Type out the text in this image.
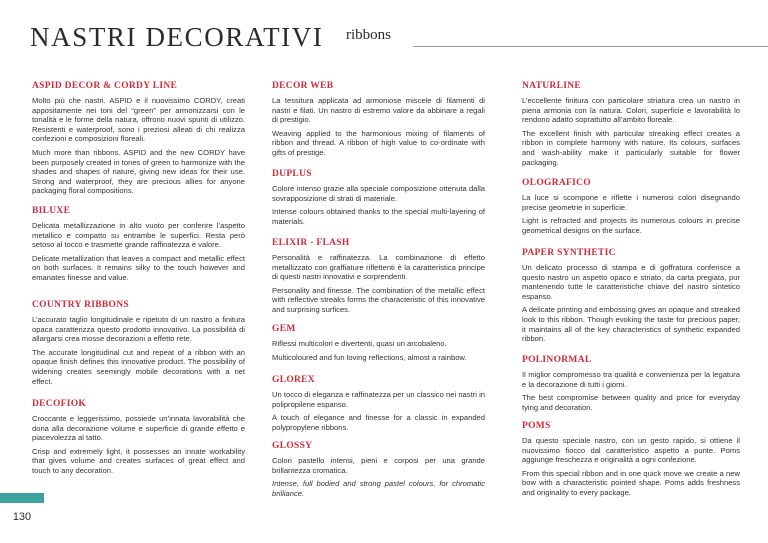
NASTRI DECORATIVI ribbons
ASPID DECOR & CORDY LINE

Molto più che nastri. ASPID e il nuovissimo CORDY, creati appositamente nei toni del “green” per armonizzarsi con le tonalità e le forme della natura, offrono nuovi spunti di utilizzo. Resistenti e waterproof, sono i preziosi alleati di chi realizza confezioni e composizioni floreali.

Much more than ribbons. ASPID and the new CORDY have been purposely created in tones of green to harmonize with the shades and shapes of nature, giving new ideas for their use. Strong and waterproof, they are precious allies for anyone packaging floral compositions.

BILUXE

Delicata metallizzazione in alto vuoto per conferire l’aspetto metallico e compatto su entrambe le superfici. Resta però setoso al tocco e trasmette grande raffinatezza e valore.

Delicate metallization that leaves a compact and metallic effect on both surfaces. It remains silky to the touch however and emanates finesse and value.

COUNTRY RIBBONS

L’accurato taglio longitudinale e ripetuto di un nastro a finitura opaca caratterizza questo prodotto innovativo. La possibilità di allargarsi crea mosse decorazioni a effetto rete.

The accurate longitudinal cut and repeat of a ribbon with an opaque finish defines this innovative product. The possibility of widening creates seemingly mobile decorations with a net effect.

DECOFIOK

Croccante e leggerissimo, possiede un’innata lavorabilità che dona alla decorazione volume e superficie di grande effetto e piacevolezza al tatto.

Crisp and extremely light, it possesses an innate workability that gives volume and creates surfaces of great effect and touch to any decoration.

DECOR WEB

La tessitura applicata ad armoniose miscele di filamenti di nastri e filati. Un nastro di estremo valore da abbinare a regali di prestigio.

Weaving applied to the harmonious mixing of filaments of ribbon and thread. A ribbon of high value to co-ordinate with gifts of prestige.

DUPLUS

Colore intenso grazie alla speciale composizione ottenuta dalla sovrapposizione di strati di materiale.

Intense colours obtained thanks to the special multi-layering of materials.

ELIXIR - FLASH

Personalità e raffinatezza. La combinazione di effetto metallizzato con graffiature riflettenti è la caratteristica principe di questi nastri innovativi e sorprendenti.

Personality and finesse. The combination of the metallic effect with reflective streaks forms the characteristic of this innovative and surprising surfices.

GEM

Riflessi multicolori e divertenti, quasi un arcobaleno.

Multicoloured and fun loving reflections, almost a rainbow.

GLOREX

Un tocco di eleganza e raffinatezza per un classico nei nastri in polipropilene espanso.

A touch of elegance and finesse for a classic in expanded polypropylene ribbons.

GLOSSY

Colori pastello intensi, pieni e corposi per una grande brillantezza cromatica.

Intense, full bodied and strong pastel colours, for chromatic brilliance.

NATURLINE

L’eccellente finitura con particolare striatura crea un nastro in piena armonia con la natura. Colori, superficie e lavorabilità lo rendono adatto soprattutto all’ambito floreale.

The excellent finish with particular streaking effect creates a ribbon in complete harmony with nature. Its colours, surfaces and wash-ability make it particularly suitable for flower packaging.

OLOGRAFICO

La luce si scompone e riflette i numerosi colori disegnando precise geometrie in superficie.

Light is refracted and projects its numerous colours in precise geometrical designs on the surface.

PAPER SYNTHETIC

Un delicato processo di stampa e di goffratura conferisce a questo nastro un aspetto opaco e striato, da carta pregiata, pur mantenendo tutte le caratteristiche chiave del nastro sintetico espanso.

A delicate printing and embossing gives an opaque and streaked look to this ribbon. Though evoking the taste for precious paper, it maintains all of the key characteristics of synthetic expanded ribbon.

POLINORMAL

Il miglior compromesso tra qualità e convenienza per la legatura e la decorazione di tutti i giorni.

The best compromise between quality and price for everyday tying and decoration.

POMS

Da questo speciale nastro, con un gesto rapido, si ottiene il nuovissimo fiocco dal caratteristico aspetto a punte. Poms aggiunge freschezza e originalità a ogni confezione.

From this special ribbon and in one quick move we create a new bow with a characteristic pointed shape. Poms adds freshness and originality to every package.

130
